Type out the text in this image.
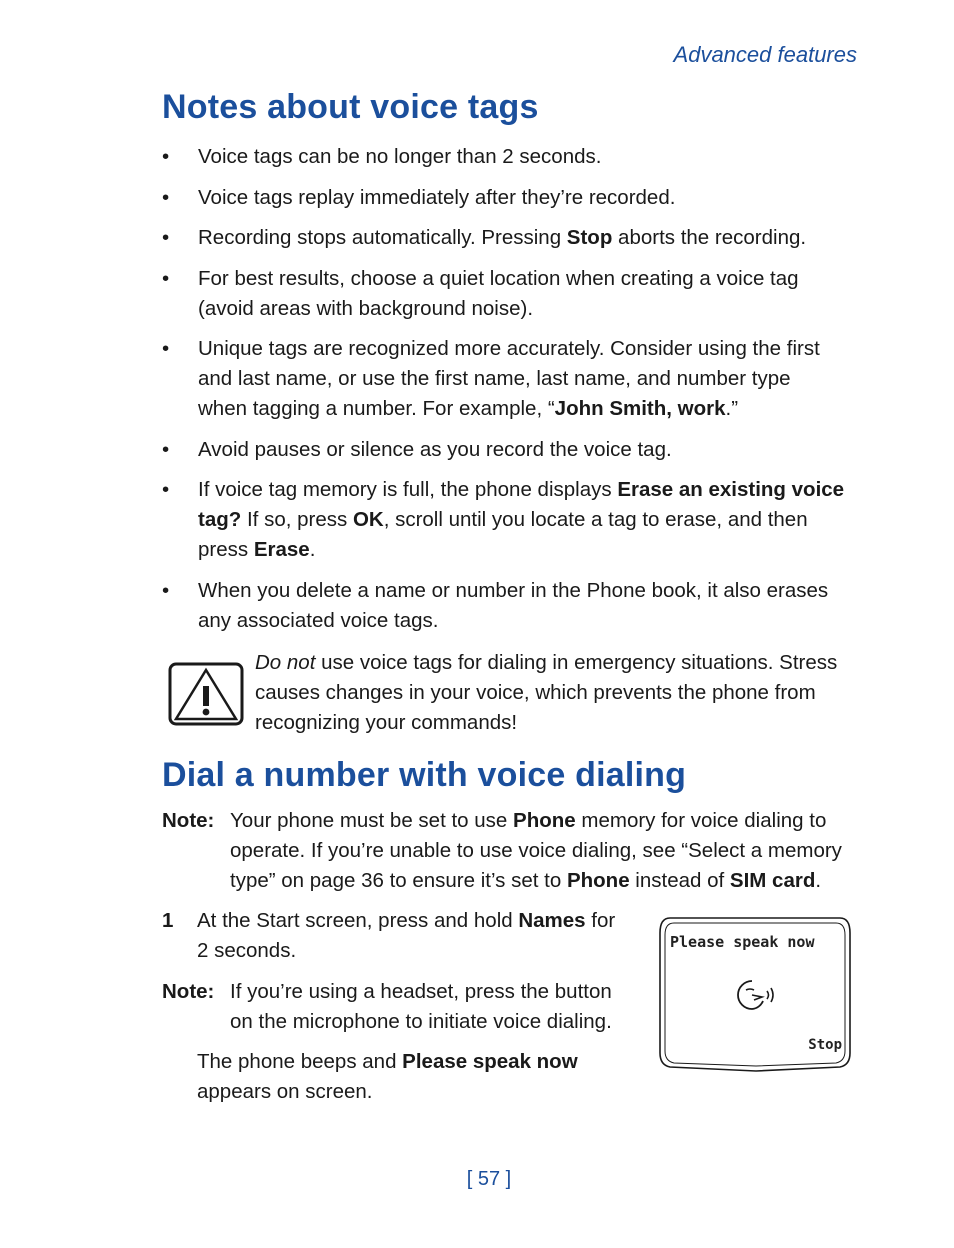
Advanced features
Notes about voice tags
•	Voice tags can be no longer than 2 seconds.
•	Voice tags replay immediately after they’re recorded.
•	Recording stops automatically. Pressing Stop aborts the recording.
•	For best results, choose a quiet location when creating a voice tag
(avoid areas with background noise).
•	Unique tags are recognized more accurately. Consider using the first
and last name, or use the first name, last name, and number type
when tagging a number. For example, “John Smith, work.”
•	Avoid pauses or silence as you record the voice tag.
•	If voice tag memory is full, the phone displays Erase an existing voice
tag? If so, press OK, scroll until you locate a tag to erase, and then
press Erase.
•	When you delete a name or number in the Phone book, it also erases
any associated voice tags.
Do not use voice tags for dialing in emergency situations. Stress
causes changes in your voice, which prevents the phone from
recognizing your commands!
Dial a number with voice dialing
Note: Your phone must be set to use Phone memory for voice dialing to
operate. If you’re unable to use voice dialing, see “Select a memory
type” on page 36 to ensure it’s set to Phone instead of SIM card.
1 At the Start screen, press and hold Names for
2 seconds.
Note: If you’re using a headset, press the button
on the microphone to initiate voice dialing.
The phone beeps and Please speak now
appears on screen.
Please speak now
Stop
[ 57 ]
